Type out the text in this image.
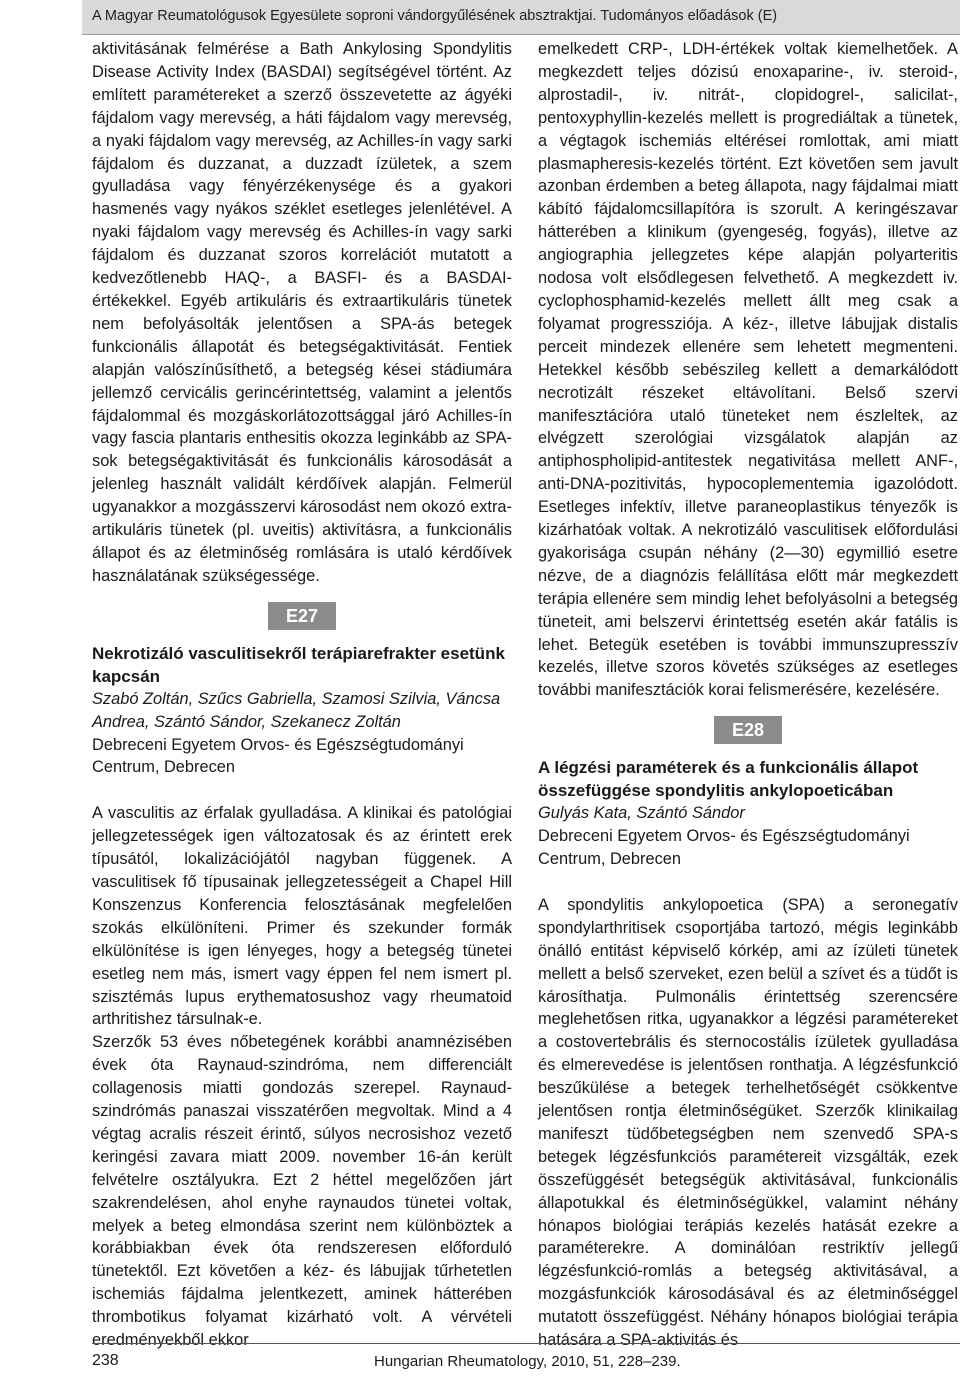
A Magyar Reumatológusok Egyesülete soproni vándorgyűlésének absztraktjai. Tudományos előadások (E)

aktivitásának felmérése a Bath Ankylosing Spondylitis Disease Activity Index (BASDAI) segítségével történt. Az említett paramétereket a szerző összevetette az ágyéki fájdalom vagy merevség, a háti fájdalom vagy merevség, a nyaki fájdalom vagy merevség, az Achilles-ín vagy sarki fájdalom és duzzanat, a duzzadt ízületek, a szem gyulladása vagy fényérzékenysége és a gyakori hasmenés vagy nyákos széklet esetleges jelenlétével. A nyaki fájdalom vagy merevség és Achilles-ín vagy sarki fájdalom és duzzanat szoros korrelációt mutatott a kedvezőtlenebb HAQ-, a BASFI- és a BASDAI-értékekkel. Egyéb artikuláris és extraartikuláris tünetek nem befolyásolták jelentősen a SPA-ás betegek funkcionális állapotát és betegségaktivitását. Fentiek alapján valószínűsíthető, a betegség kései stádiumára jellemző cervicális gerincérintettség, valamint a jelentős fájdalommal és mozgáskorlátozottsággal járó Achilles-ín vagy fascia plantaris enthesitis okozza leginkább az SPA-sok betegségaktivitását és funkcionális károsodását a jelenleg használt validált kérdőívek alapján. Felmerül ugyanakkor a mozgásszervi károsodást nem okozó extra-artikuláris tünetek (pl. uveitis) aktivításra, a funkcionális állapot és az életminőség romlására is utaló kérdőívek használatának szükségessége.

E27

Nekrotizáló vasculitisekről terápiarefrakter esetünk kapcsán

Szabó Zoltán, Szűcs Gabriella, Szamosi Szilvia, Váncsa Andrea, Szántó Sándor, Szekanecz Zoltán

Debreceni Egyetem Orvos- és Egészségtudományi Centrum, Debrecen

A vasculitis az érfalak gyulladása. A klinikai és patológiai jellegzetességek igen változatosak és az érintett erek típusától, lokalizációjától nagyban függenek. A vasculitisek fő típusainak jellegzetességeit a Chapel Hill Konszenzus Konferencia felosztásának megfelelően szokás elkülöníteni. Primer és szekunder formák elkülönítése is igen lényeges, hogy a betegség tünetei esetleg nem más, ismert vagy éppen fel nem ismert pl. szisztémás lupus erythematosushoz vagy rheumatoid arthritishez társulnak-e.

Szerzők 53 éves nőbetegének korábbi anamnézisében évek óta Raynaud-szindróma, nem differenciált collagenosis miatti gondozás szerepel. Raynaud-szindrómás panaszai visszatérően megvoltak. Mind a 4 végtag acralis részeit érintő, súlyos necrosishoz vezető keringési zavara miatt 2009. november 16-án került felvételre osztályukra. Ezt 2 héttel megelőzően járt szakrendelésen, ahol enyhe raynaudos tünetei voltak, melyek a beteg elmondása szerint nem különböztek a korábbiakban évek óta rendszeresen előforduló tünetektől. Ezt követően a kéz- és lábujjak tűrhetetlen ischemiás fájdalma jelentkezett, aminek hátterében thrombotikus folyamat kizárható volt. A vérvételi eredményekből ekkor

emelkedett CRP-, LDH-értékek voltak kiemelhetőek. A megkezdett teljes dózisú enoxaparine-, iv. steroid-, alprostadil-, iv. nitrát-, clopidogrel-, salicilat-, pentoxyphyllin-kezelés mellett is progrediáltak a tünetek, a végtagok ischemiás eltérései romlottak, ami miatt plasmapheresis-kezelés történt. Ezt követően sem javult azonban érdemben a beteg állapota, nagy fájdalmai miatt kábító fájdalomcsillapítóra is szorult. A keringészavar hátterében a klinikum (gyengeség, fogyás), illetve az angiographia jellegzetes képe alapján polyarteritis nodosa volt elsődlegesen felvethető. A megkezdett iv. cyclophosphamid-kezelés mellett állt meg csak a folyamat progressziója. A kéz-, illetve lábujjak distalis perceit mindezek ellenére sem lehetett megmenteni. Hetekkel később sebészileg kellett a demarkálódott necrotizált részeket eltávolítani. Belső szervi manifesztációra utaló tüneteket nem észleltek, az elvégzett szerológiai vizsgálatok alapján az antiphospholipid-antitestek negativitása mellett ANF-, anti-DNA-pozitivitás, hypocoplementemia igazolódott. Esetleges infektív, illetve paraneoplastikus tényezők is kizárhatóak voltak. A nekrotizáló vasculitisek előfordulási gyakorisága csupán néhány (2—30) egymillió esetre nézve, de a diagnózis felállítása előtt már megkezdett terápia ellenére sem mindig lehet befolyásolni a betegség tüneteit, ami belszervi érintettség esetén akár fatális is lehet. Betegük esetében is további immunszupresszív kezelés, illetve szoros követés szükséges az esetleges további manifesztációk korai felismerésére, kezelésére.

E28

A légzési paraméterek és a funkcionális állapot összefüggése spondylitis ankylopoeticában

Gulyás Kata, Szántó Sándor

Debreceni Egyetem Orvos- és Egészségtudományi Centrum, Debrecen

A spondylitis ankylopoetica (SPA) a seronegatív spondylarthritisek csoportjába tartozó, mégis leginkább önálló entitást képviselő kórkép, ami az ízületi tünetek mellett a belső szerveket, ezen belül a szívet és a tüdőt is károsíthatja. Pulmonális érintettség szerencsére meglehetősen ritka, ugyanakkor a légzési paramétereket a costovertebrális és sternocostális ízületek gyulladása és elmerevedése is jelentősen ronthatja. A légzésfunkció beszűkülése a betegek terhelhetőségét csökkentve jelentősen rontja életminőségüket. Szerzők klinikailag manifeszt tüdőbetegségben nem szenvedő SPA-s betegek légzésfunkciós paramétereit vizsgálták, ezek összefüggését betegségük aktivitásával, funkcionális állapotukkal és életminőségükkel, valamint néhány hónapos biológiai terápiás kezelés hatását ezekre a paraméterekre. A dominálóan restriktív jellegű légzésfunkció-romlás a betegség aktivitásával, a mozgásfunkciók károsodásával és az életminőséggel mutatott összefüggést. Néhány hónapos biológiai terápia hatására a SPA-aktivitás és

238	Hungarian Rheumatology, 2010, 51, 228–239.
